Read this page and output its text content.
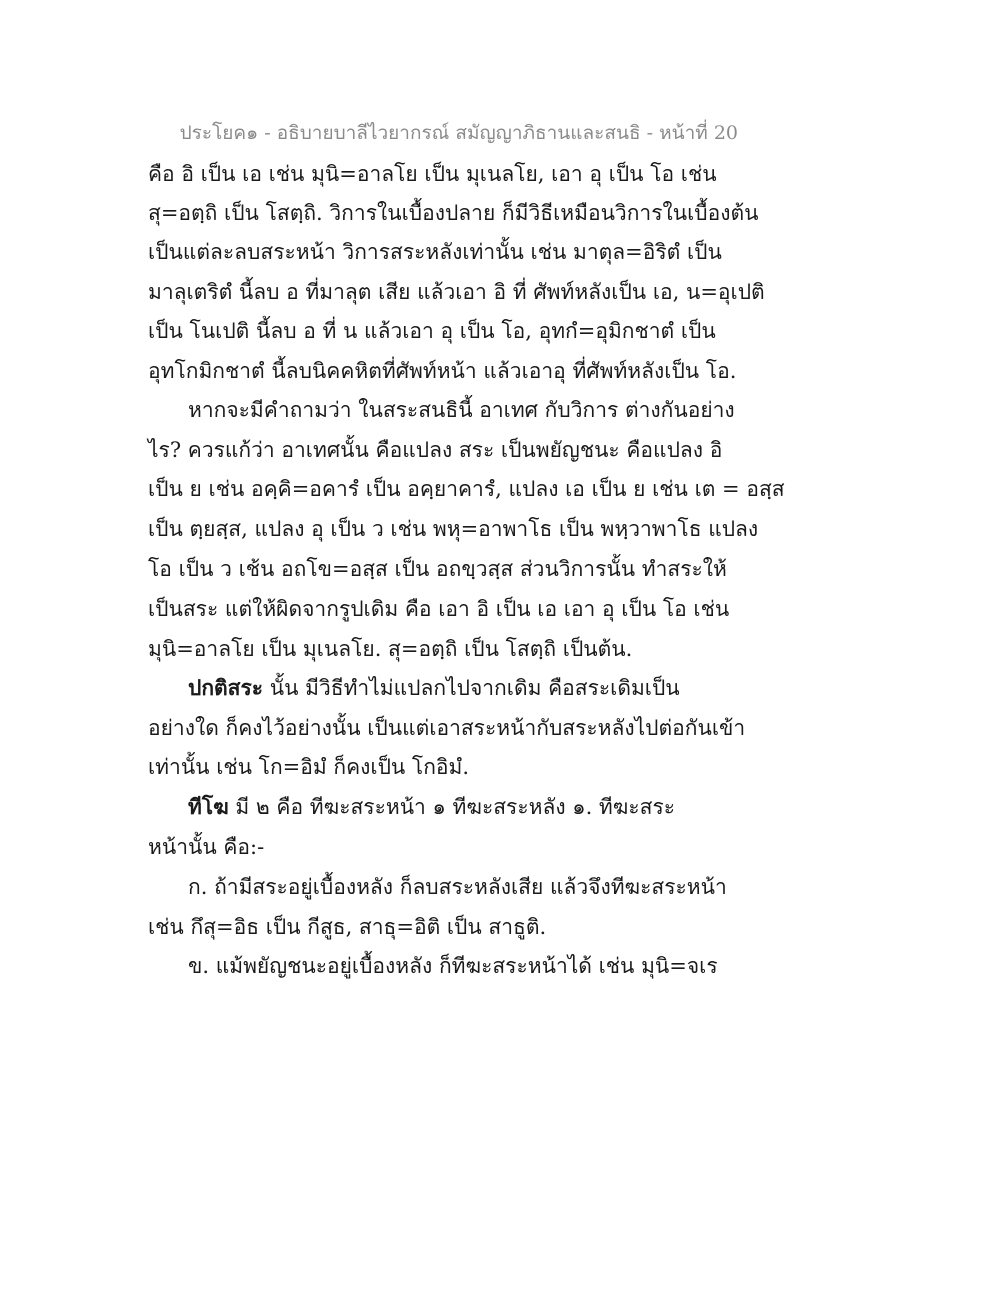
ประโยค๑ - อธิบายบาลีไวยากรณ์ สมัญญาภิธานและสนธิ - หน้าที่ 20
คือ อิ เป็น เอ เช่น มุนิ=อาลโย เป็น มุเนลโย, เอา อุ เป็น โอ เช่น
สุ=อตฺถิ เป็น โสตฺถิ. วิการในเบื้องปลาย ก็มีวิธีเหมือนวิการในเบื้องต้น
เป็นแต่ละลบสระหน้า วิการสระหลังเท่านั้น เช่น มาตุล=อิริตํ เป็น
มาลุเตริตํ นี้ลบ อ ที่มาลุต เสีย แล้วเอา อิ ที่ ศัพท์หลังเป็น เอ, น=อุเปติ
เป็น โนเปติ นี้ลบ อ ที่ น แล้วเอา อุ เป็น โอ, อุทกํ=อุมิกชาตํ เป็น
อุทโกมิกชาตํ นี้ลบนิคคหิตที่ศัพท์หน้า แล้วเอาอุ ที่ศัพท์หลังเป็น โอ.
หากจะมีคำถามว่า ในสระสนธินี้ อาเทศ กับวิการ ต่างกันอย่าง
ไร? ควรแก้ว่า อาเทศนั้น คือแปลง สระ เป็นพยัญชนะ คือแปลง อิ
เป็น ย เช่น อคฺคิ=อคารํ เป็น อคฺยาคารํ, แปลง เอ เป็น ย เช่น เต = อสฺส
เป็น ตฺยสฺส, แปลง อุ เป็น ว เช่น พหุ=อาพาโธ เป็น พหฺวาพาโธ แปลง
โอ เป็น ว เช้น อถโข=อสฺส เป็น อถขฺวสฺส ส่วนวิการนั้น ทำสระให้
เป็นสระ แต่ให้ผิดจากรูปเดิม คือ เอา อิ เป็น เอ เอา อุ เป็น โอ เช่น
มุนิ=อาลโย เป็น มุเนลโย. สุ=อตฺถิ เป็น โสตฺถิ เป็นต้น.
ปกติสระ นั้น มีวิธีทำไม่แปลกไปจากเดิม คือสระเดิมเป็น
อย่างใด ก็คงไว้อย่างนั้น เป็นแต่เอาสระหน้ากับสระหลังไปต่อกันเข้า
เท่านั้น เช่น โก=อิมํ ก็คงเป็น โกอิมํ.
ทีโฆ มี ๒ คือ ทีฆะสระหน้า ๑ ทีฆะสระหลัง ๑. ทีฆะสระ
หน้านั้น คือ:-
ก. ถ้ามีสระอยู่เบื้องหลัง ก็ลบสระหลังเสีย แล้วจึงทีฆะสระหน้า
เช่น กึสุ=อิธ เป็น กีสูธ, สาธุ=อิติ เป็น สาธูติ.
ข. แม้พยัญชนะอยู่เบื้องหลัง ก็ทีฆะสระหน้าได้ เช่น มุนิ=จเร
